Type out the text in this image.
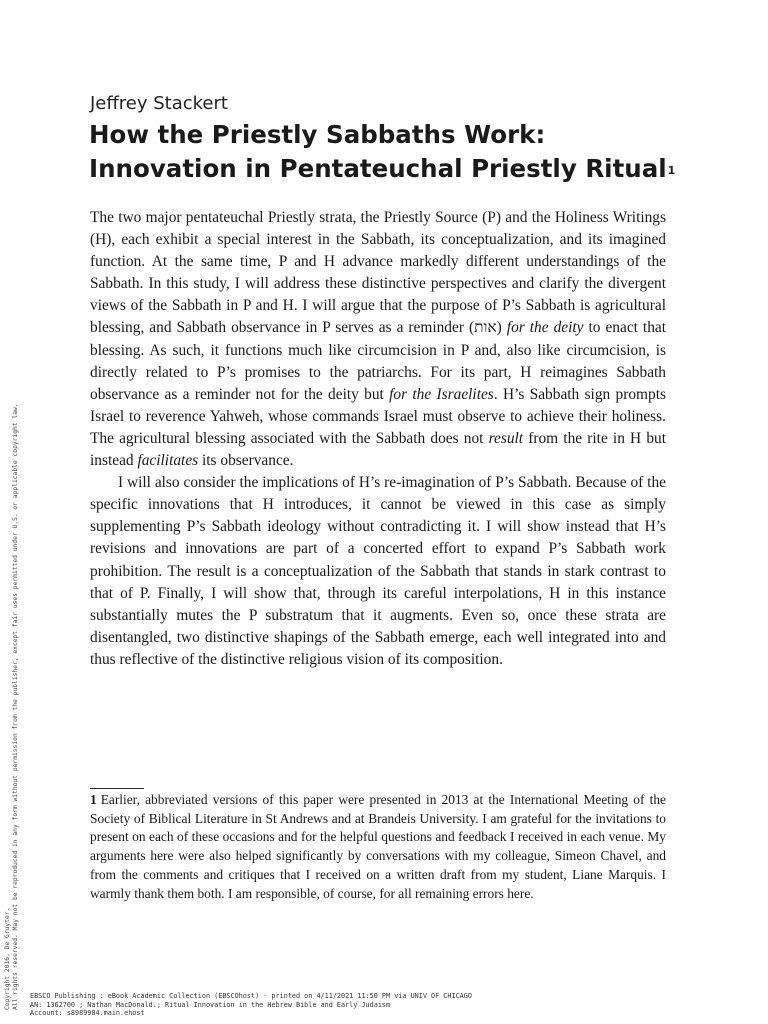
Jeffrey Stackert
How the Priestly Sabbaths Work:
Innovation in Pentateuchal Priestly Ritual$^1$

The two major pentateuchal Priestly strata, the Priestly Source (P) and the Holiness Writings (H), each exhibit a special interest in the Sabbath, its conceptualization, and its imagined function. At the same time, P and H advance markedly different understandings of the Sabbath. In this study, I will address these distinctive perspectives and clarify the divergent views of the Sabbath in P and H. I will argue that the purpose of P’s Sabbath is agricultural blessing, and Sabbath observance in P serves as a reminder (אות) for the deity to enact that blessing. As such, it functions much like circumcision in P and, also like circumcision, is directly related to P’s promises to the patriarchs. For its part, H reimagines Sabbath observance as a reminder not for the deity but for the Israelites. H’s Sabbath sign prompts Israel to reverence Yahweh, whose commands Israel must observe to achieve their holiness. The agricultural blessing associated with the Sabbath does not result from the rite in H but instead facilitates its observance.

I will also consider the implications of H’s re-imagination of P’s Sabbath. Because of the specific innovations that H introduces, it cannot be viewed in this case as simply supplementing P’s Sabbath ideology without contradicting it. I will show instead that H’s revisions and innovations are part of a concerted effort to expand P’s Sabbath work prohibition. The result is a conceptualization of the Sabbath that stands in stark contrast to that of P. Finally, I will show that, through its careful interpolations, H in this instance substantially mutes the P substratum that it augments. Even so, once these strata are disentangled, two distinctive shapings of the Sabbath emerge, each well integrated into and thus reflective of the distinctive religious vision of its composition.

1 Earlier, abbreviated versions of this paper were presented in 2013 at the International Meeting of the Society of Biblical Literature in St Andrews and at Brandeis University. I am grateful for the invitations to present on each of these occasions and for the helpful questions and feedback I received in each venue. My arguments here were also helped significantly by conversations with my colleague, Simeon Chavel, and from the comments and critiques that I received on a written draft from my student, Liane Marquis. I warmly thank them both. I am responsible, of course, for all remaining errors here.

Copyright 2016. De Gruyter. All rights reserved. May not be reproduced in any form without permission from the publisher, except fair uses permitted under U.S. or applicable copyright law. EBSCO Publishing : eBook Academic Collection (EBSCOhost) - printed on 4/11/2021 11:50 PM via UNIV OF CHICAGO
AN: 1362700 ; Nathan MacDonald.; Ritual Innovation in the Hebrew Bible and Early Judaism
Account: s8989984.main.ehost
